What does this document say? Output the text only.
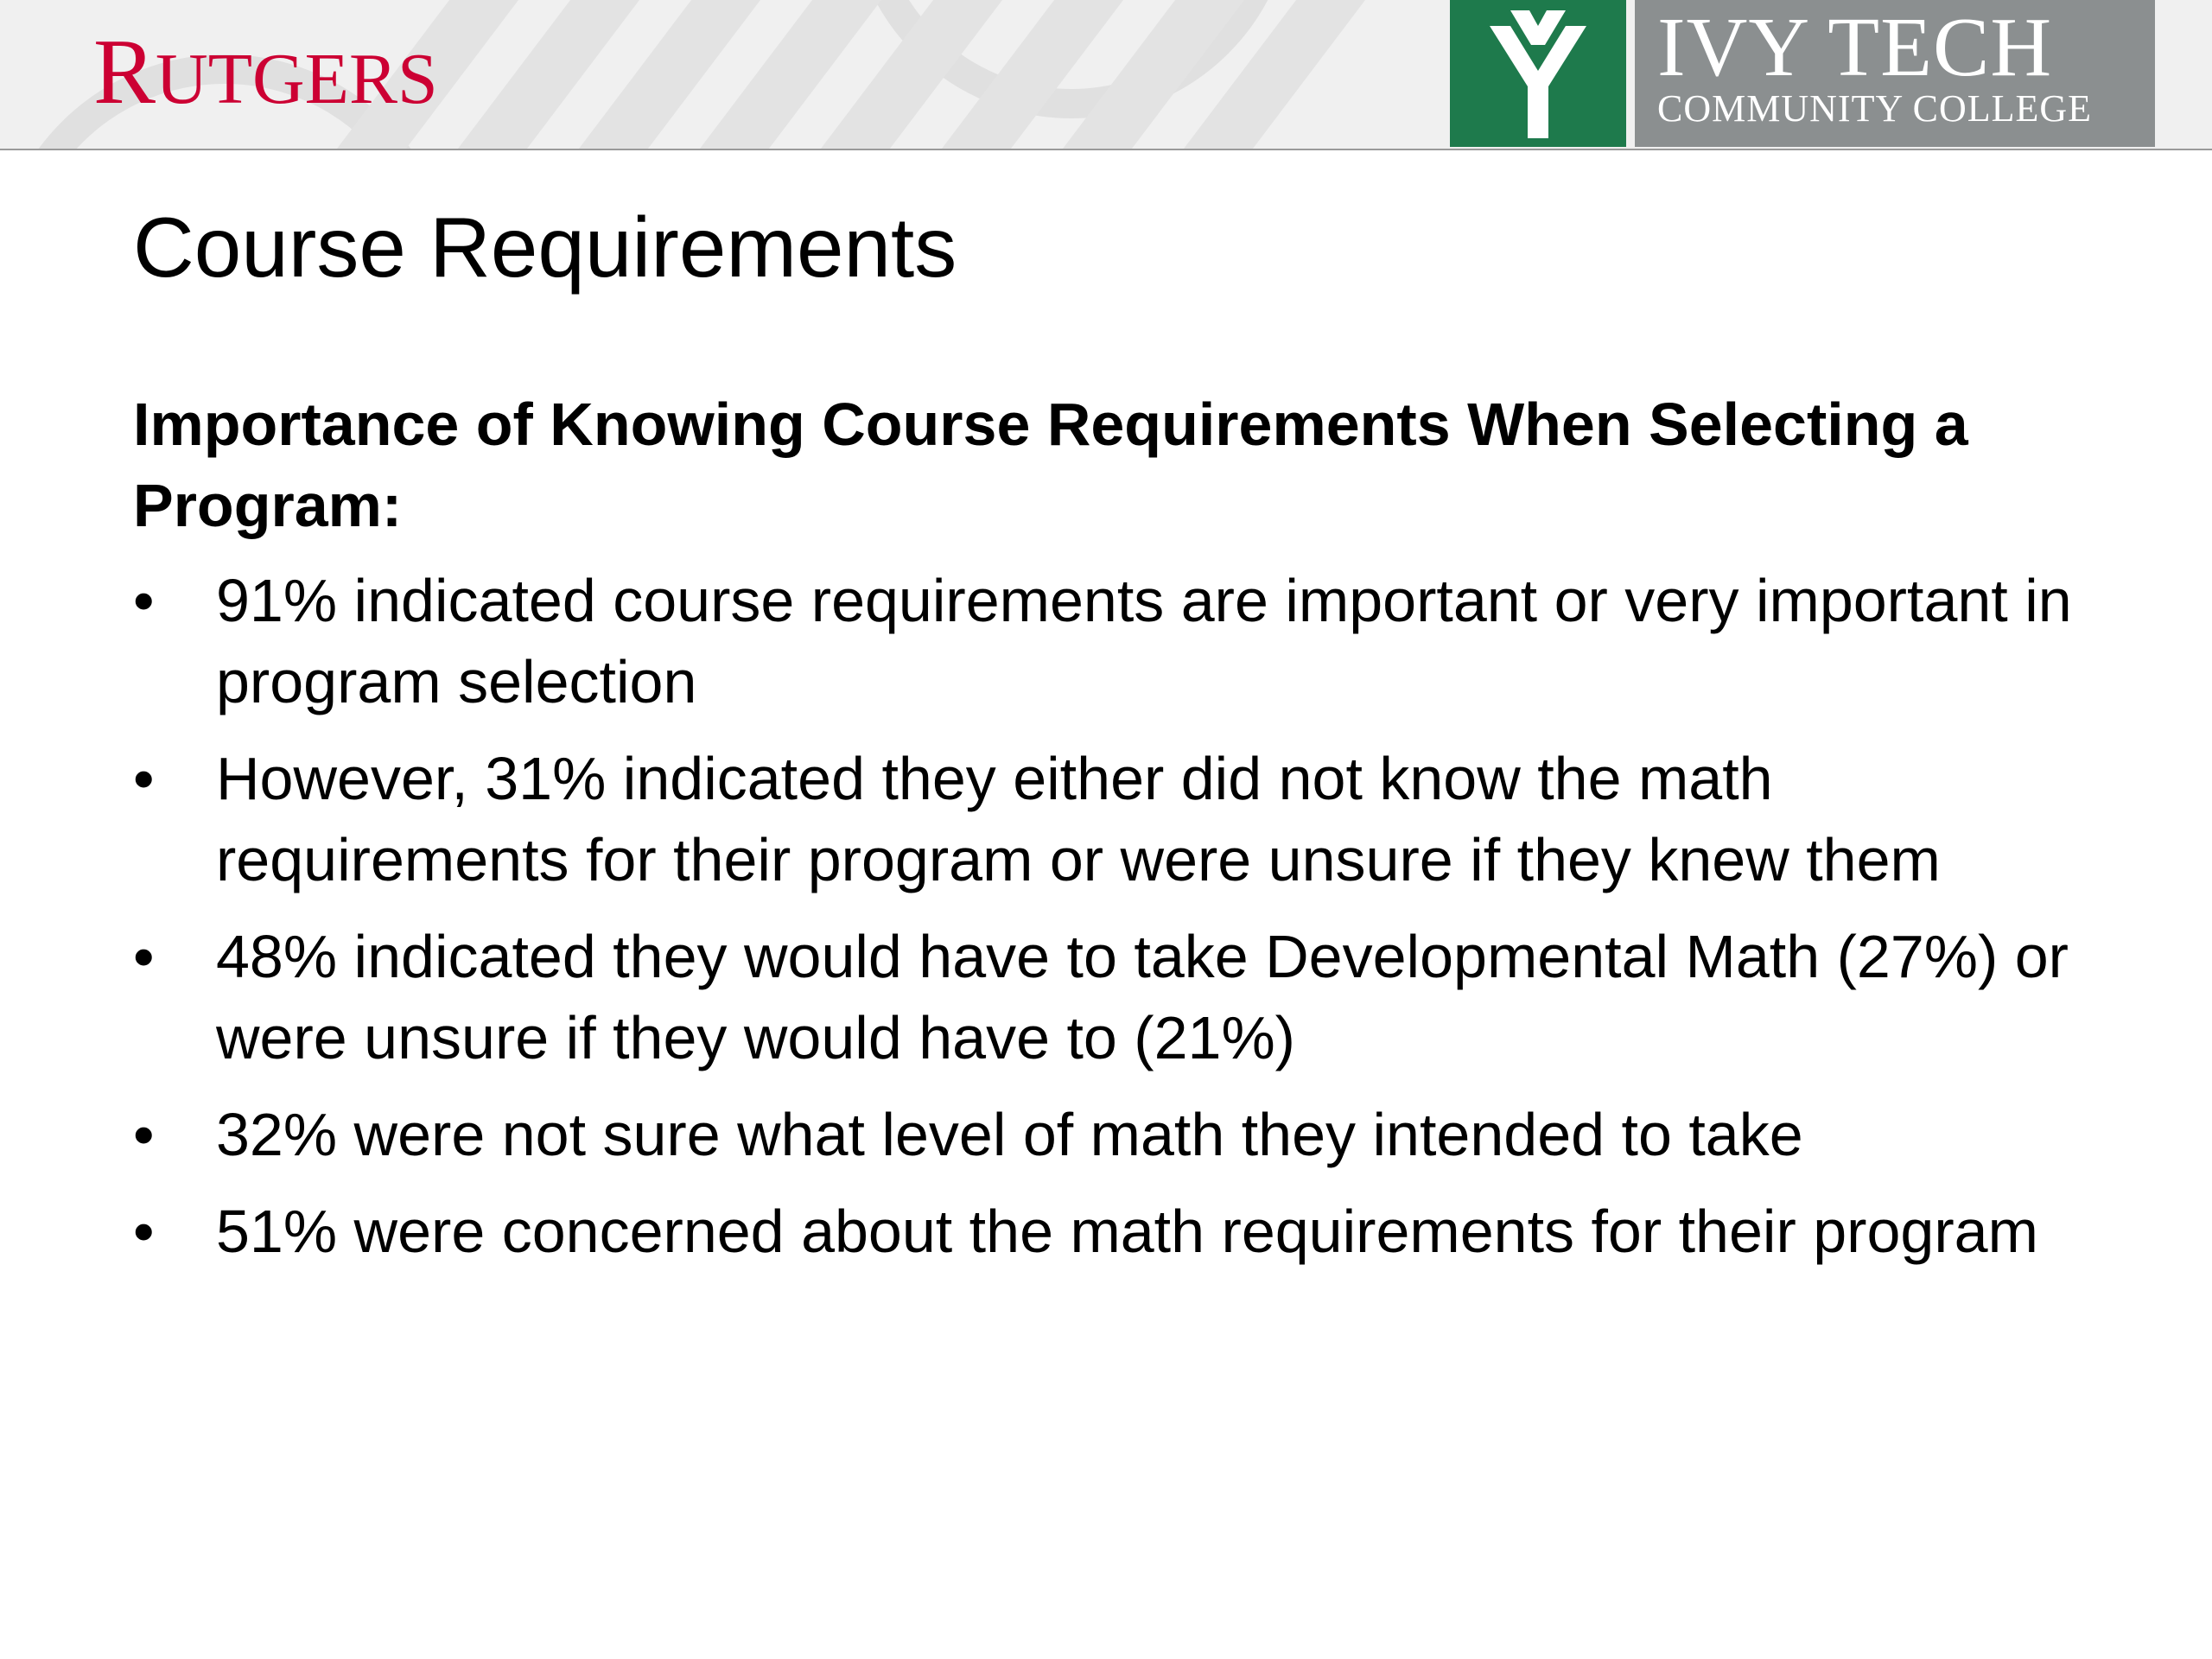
RUTGERS	IVY TECH
COMMUNITY COLLEGE
Course Requirements

Importance of Knowing Course Requirements When Selecting a Program:

• 91% indicated course requirements are important or very important in program selection
• However, 31% indicated they either did not know the math requirements for their program or were unsure if they knew them
• 48% indicated they would have to take Developmental Math (27%) or were unsure if they would have to (21%)
• 32% were not sure what level of math they intended to take
• 51% were concerned about the math requirements for their program
